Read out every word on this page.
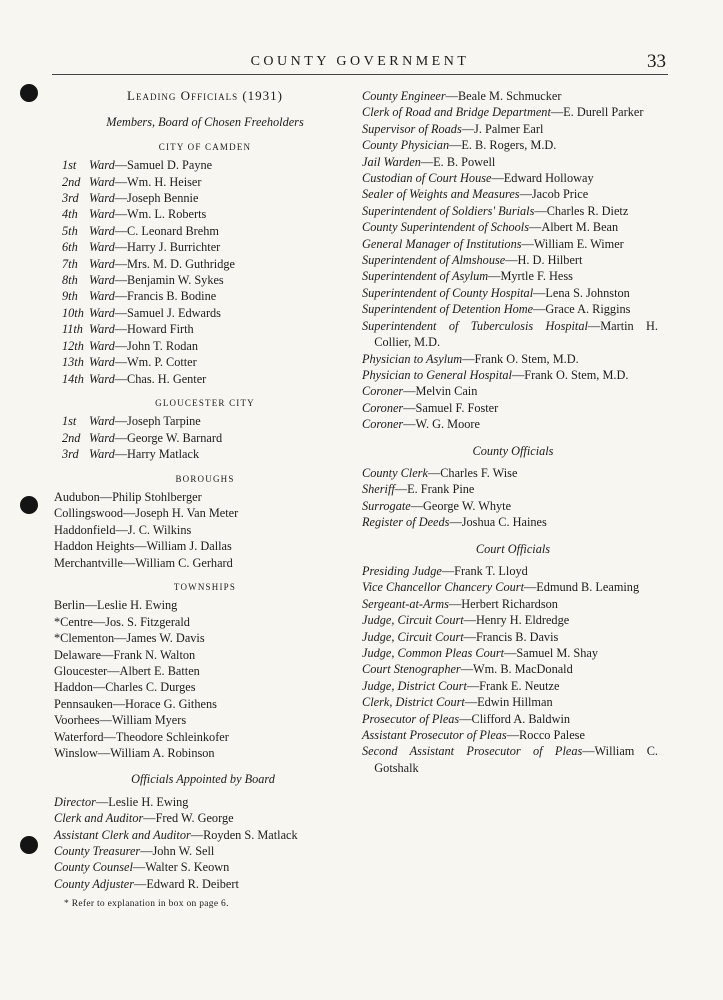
COUNTY GOVERNMENT	33
Leading Officials (1931)
Members, Board of Chosen Freeholders
CITY OF CAMDEN
1st Ward—Samuel D. Payne
2nd Ward—Wm. H. Heiser
3rd Ward—Joseph Bennie
4th Ward—Wm. L. Roberts
5th Ward—C. Leonard Brehm
6th Ward—Harry J. Burrichter
7th Ward—Mrs. M. D. Guthridge
8th Ward—Benjamin W. Sykes
9th Ward—Francis B. Bodine
10th Ward—Samuel J. Edwards
11th Ward—Howard Firth
12th Ward—John T. Rodan
13th Ward—Wm. P. Cotter
14th Ward—Chas. H. Genter
GLOUCESTER CITY
1st Ward—Joseph Tarpine
2nd Ward—George W. Barnard
3rd Ward—Harry Matlack
BOROUGHS
Audubon—Philip Stohlberger
Collingswood—Joseph H. Van Meter
Haddonfield—J. C. Wilkins
Haddon Heights—William J. Dallas
Merchantville—William C. Gerhard
TOWNSHIPS
Berlin—Leslie H. Ewing
*Centre—Jos. S. Fitzgerald
*Clementon—James W. Davis
Delaware—Frank N. Walton
Gloucester—Albert E. Batten
Haddon—Charles C. Durges
Pennsauken—Horace G. Githens
Voorhees—William Myers
Waterford—Theodore Schleinkofer
Winslow—William A. Robinson
Officials Appointed by Board
Director—Leslie H. Ewing
Clerk and Auditor—Fred W. George
Assistant Clerk and Auditor—Royden S. Matlack
County Treasurer—John W. Sell
County Counsel—Walter S. Keown
County Adjuster—Edward R. Deibert
* Refer to explanation in box on page 6.
County Engineer—Beale M. Schmucker
Clerk of Road and Bridge Department—E. Durell Parker
Supervisor of Roads—J. Palmer Earl
County Physician—E. B. Rogers, M.D.
Jail Warden—E. B. Powell
Custodian of Court House—Edward Holloway
Sealer of Weights and Measures—Jacob Price
Superintendent of Soldiers' Burials—Charles R. Dietz
County Superintendent of Schools—Albert M. Bean
General Manager of Institutions—William E. Wimer
Superintendent of Almshouse—H. D. Hilbert
Superintendent of Asylum—Myrtle F. Hess
Superintendent of County Hospital—Lena S. Johnston
Superintendent of Detention Home—Grace A. Riggins
Superintendent of Tuberculosis Hospital—Martin H. Collier, M.D.
Physician to Asylum—Frank O. Stem, M.D.
Physician to General Hospital—Frank O. Stem, M.D.
Coroner—Melvin Cain
Coroner—Samuel F. Foster
Coroner—W. G. Moore
County Officials
County Clerk—Charles F. Wise
Sheriff—E. Frank Pine
Surrogate—George W. Whyte
Register of Deeds—Joshua C. Haines
Court Officials
Presiding Judge—Frank T. Lloyd
Vice Chancellor Chancery Court—Edmund B. Leaming
Sergeant-at-Arms—Herbert Richardson
Judge, Circuit Court—Henry H. Eldredge
Judge, Circuit Court—Francis B. Davis
Judge, Common Pleas Court—Samuel M. Shay
Court Stenographer—Wm. B. MacDonald
Judge, District Court—Frank E. Neutze
Clerk, District Court—Edwin Hillman
Prosecutor of Pleas—Clifford A. Baldwin
Assistant Prosecutor of Pleas—Rocco Palese
Second Assistant Prosecutor of Pleas—William C. Gotshalk
